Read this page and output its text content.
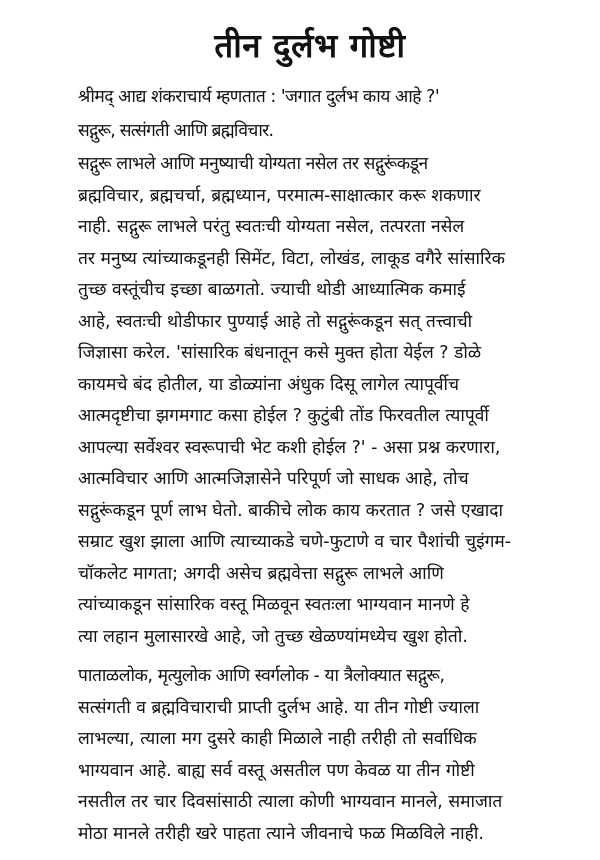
तीन दुर्लभ गोष्टी

श्रीमद् आद्य शंकराचार्य म्हणतात : 'जगात दुर्लभ काय आहे ?'

सद्गुरू, सत्संगती आणि ब्रह्मविचार.

सद्गुरू लाभले आणि मनुष्याची योग्यता नसेल तर सद्गुरूंकडून
ब्रह्मविचार, ब्रह्मचर्चा, ब्रह्मध्यान, परमात्म-साक्षात्कार करू शकणार
नाही. सद्गुरू लाभले परंतु स्वतःची योग्यता नसेल, तत्परता नसेल
तर मनुष्य त्यांच्याकडूनही सिमेंट, विटा, लोखंड, लाकूड वगैरे सांसारिक
तुच्छ वस्तूंचीच इच्छा बाळगतो. ज्याची थोडी आध्यात्मिक कमाई
आहे, स्वतःची थोडीफार पुण्याई आहे तो सद्गुरूंकडून सत् तत्त्वाची
जिज्ञासा करेल. 'सांसारिक बंधनातून कसे मुक्त होता येईल ? डोळे
कायमचे बंद होतील, या डोळ्यांना अंधुक दिसू लागेल त्यापूर्वीच
आत्मदृष्टीचा झगमगाट कसा होईल ? कुटुंबी तोंड फिरवतील त्यापूर्वी
आपल्या सर्वेश्वर स्वरूपाची भेट कशी होईल ?' - असा प्रश्न करणारा,
आत्मविचार आणि आत्मजिज्ञासेने परिपूर्ण जो साधक आहे, तोच
सद्गुरूंकडून पूर्ण लाभ घेतो. बाकीचे लोक काय करतात ? जसे एखादा
सम्राट खुश झाला आणि त्याच्याकडे चणे-फुटाणे व चार पैशांची चुइंगम-
चॉकलेट मागता; अगदी असेच ब्रह्मवेत्ता सद्गुरू लाभले आणि
त्यांच्याकडून सांसारिक वस्तू मिळवून स्वतःला भाग्यवान मानणे हे
त्या लहान मुलासारखे आहे, जो तुच्छ खेळण्यांमध्येच खुश होतो.

पाताळलोक, मृत्युलोक आणि स्वर्गलोक - या त्रैलोक्यात सद्गुरू,
सत्संगती व ब्रह्मविचाराची प्राप्ती दुर्लभ आहे. या तीन गोष्टी ज्याला
लाभल्या, त्याला मग दुसरे काही मिळाले नाही तरीही तो सर्वाधिक
भाग्यवान आहे. बाह्य सर्व वस्तू असतील पण केवळ या तीन गोष्टी
नसतील तर चार दिवसांसाठी त्याला कोणी भाग्यवान मानले, समाजात
मोठा मानले तरीही खरे पाहता त्याने जीवनाचे फळ मिळविले नाही.
